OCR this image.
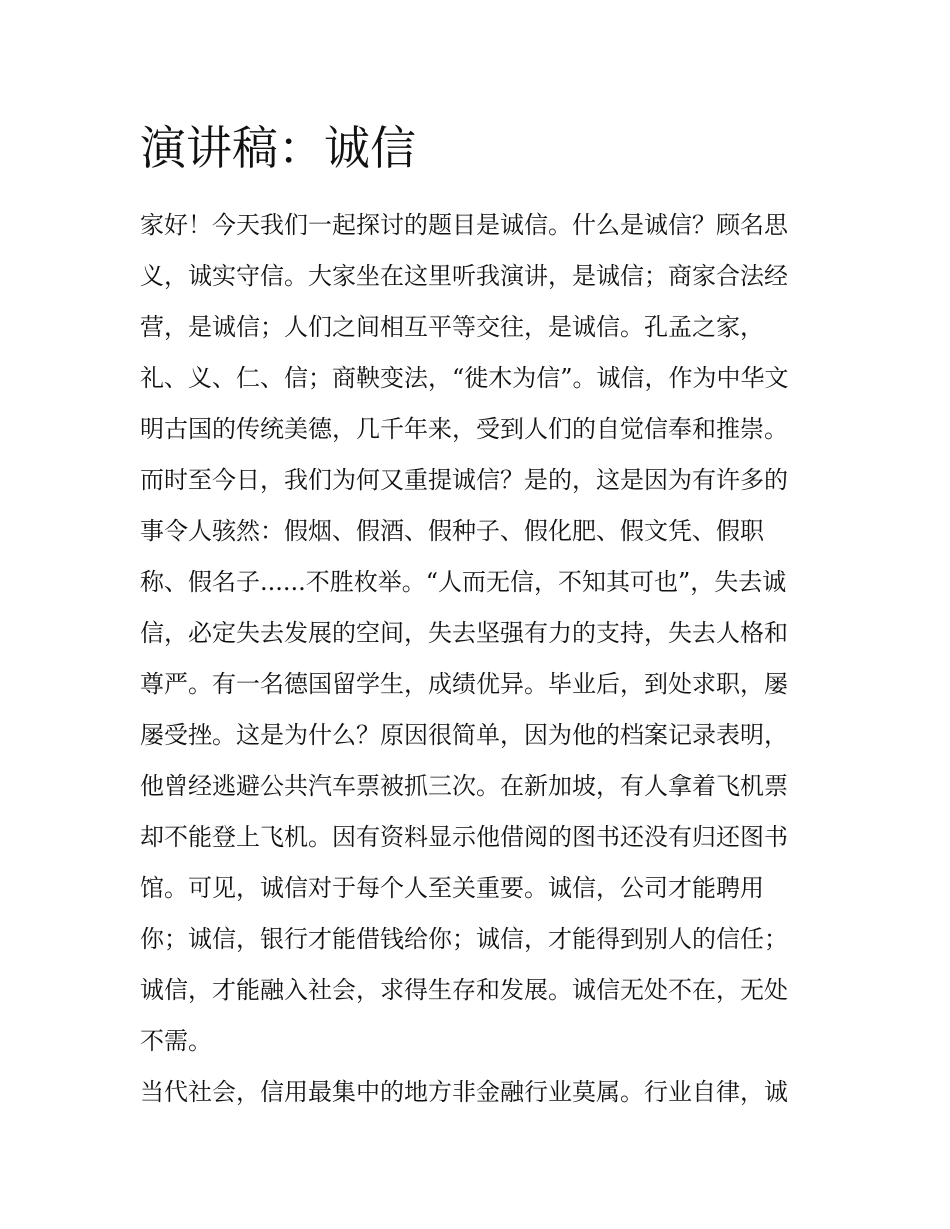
演讲稿：诚信
家好！今天我们一起探讨的题目是诚信。什么是诚信？顾名思
义，诚实守信。大家坐在这里听我演讲，是诚信；商家合法经
营，是诚信；人们之间相互平等交往，是诚信。孔孟之家，
礼、义、仁、信；商鞅变法，“徙木为信”。诚信，作为中华文
明古国的传统美德，几千年来，受到人们的自觉信奉和推崇。
而时至今日，我们为何又重提诚信？是的，这是因为有许多的
事令人骇然：假烟、假酒、假种子、假化肥、假文凭、假职
称、假名子......不胜枚举。“人而无信，不知其可也”，失去诚
信，必定失去发展的空间，失去坚强有力的支持，失去人格和
尊严。有一名德国留学生，成绩优异。毕业后，到处求职，屡
屡受挫。这是为什么？原因很简单，因为他的档案记录表明，
他曾经逃避公共汽车票被抓三次。在新加坡，有人拿着飞机票
却不能登上飞机。因有资料显示他借阅的图书还没有归还图书
馆。可见，诚信对于每个人至关重要。诚信，公司才能聘用
你；诚信，银行才能借钱给你；诚信，才能得到别人的信任；
诚信，才能融入社会，求得生存和发展。诚信无处不在，无处
不需。
当代社会，信用最集中的地方非金融行业莫属。行业自律，诚
